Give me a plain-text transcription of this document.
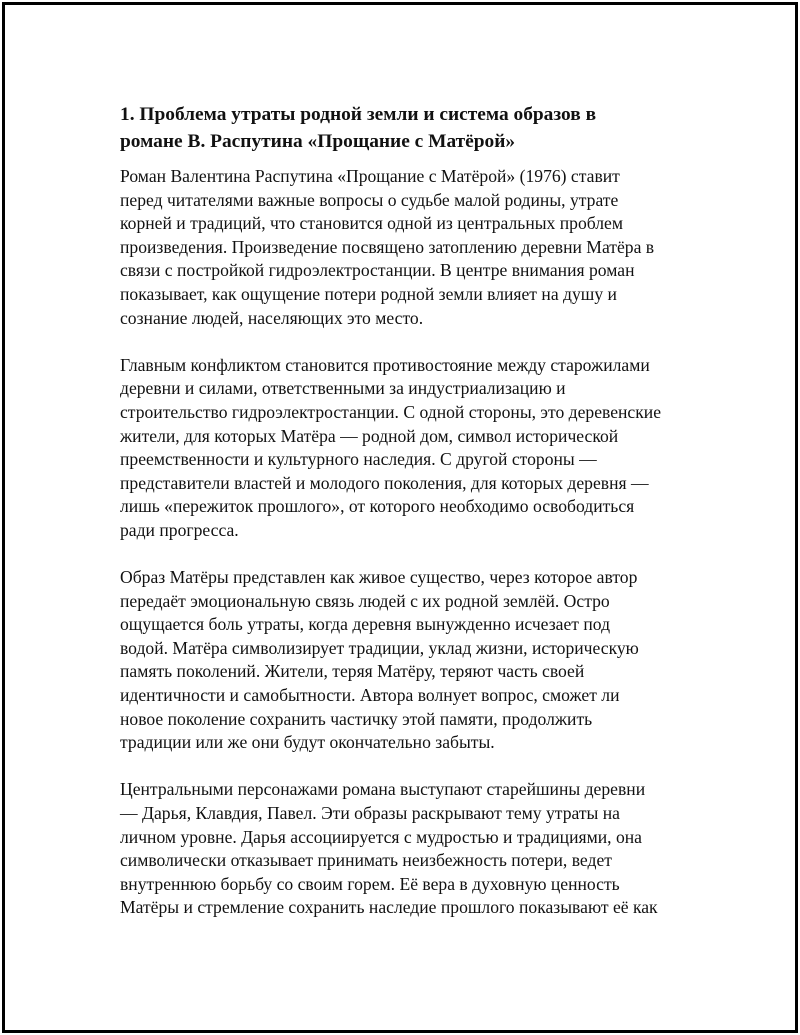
1. Проблема утраты родной земли и система образов в
романе В. Распутина «Прощание с Матёрой»

Роман Валентина Распутина «Прощание с Матёрой» (1976) ставит
перед читателями важные вопросы о судьбе малой родины, утрате
корней и традиций, что становится одной из центральных проблем
произведения. Произведение посвящено затоплению деревни Матёра в
связи с постройкой гидроэлектростанции. В центре внимания роман
показывает, как ощущение потери родной земли влияет на душу и
сознание людей, населяющих это место.

Главным конфликтом становится противостояние между старожилами
деревни и силами, ответственными за индустриализацию и
строительство гидроэлектростанции. С одной стороны, это деревенские
жители, для которых Матёра — родной дом, символ исторической
преемственности и культурного наследия. С другой стороны —
представители властей и молодого поколения, для которых деревня —
лишь «пережиток прошлого», от которого необходимо освободиться
ради прогресса.

Образ Матёры представлен как живое существо, через которое автор
передаёт эмоциональную связь людей с их родной землёй. Остро
ощущается боль утраты, когда деревня вынужденно исчезает под
водой. Матёра символизирует традиции, уклад жизни, историческую
память поколений. Жители, теряя Матёру, теряют часть своей
идентичности и самобытности. Автора волнует вопрос, сможет ли
новое поколение сохранить частичку этой памяти, продолжить
традиции или же они будут окончательно забыты.

Центральными персонажами романа выступают старейшины деревни
— Дарья, Клавдия, Павел. Эти образы раскрывают тему утраты на
личном уровне. Дарья ассоциируется с мудростью и традициями, она
символически отказывает принимать неизбежность потери, ведет
внутреннюю борьбу со своим горем. Её вера в духовную ценность
Матёры и стремление сохранить наследие прошлого показывают её как
